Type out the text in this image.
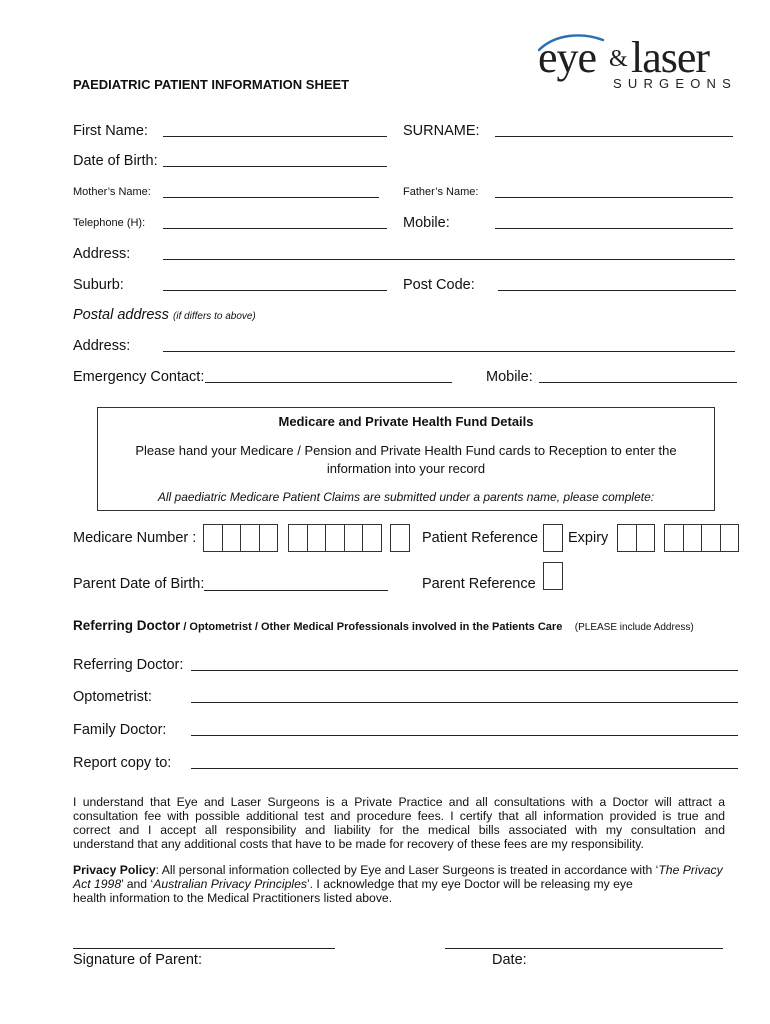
eye & laser
SURGEONS
PAEDIATRIC PATIENT INFORMATION SHEET
First Name:	SURNAME:
Date of Birth:
Mother’s Name:	Father’s Name:
Telephone (H):	Mobile:
Address:
Suburb:	Post Code:
Postal address (if differs to above)
Address:
Emergency Contact:	Mobile:
Medicare and Private Health Fund Details
Please hand your Medicare / Pension and Private Health Fund cards to Reception to enter the
information into your record
All paediatric Medicare Patient Claims are submitted under a parents name, please complete:
Medicare Number :	Patient Reference Expiry
Parent Date of Birth:	Parent Reference
Referring Doctor / Optometrist / Other Medical Professionals involved in the Patients Care (PLEASE include Address)
Referring Doctor:
Optometrist:
Family Doctor:
Report copy to:
I understand that Eye and Laser Surgeons is a Private Practice and all consultations with a Doctor will attract a
consultation fee with possible additional test and procedure fees. I certify that all information provided is true and
correct and I accept all responsibility and liability for the medical bills associated with my consultation and
understand that any additional costs that have to be made for recovery of these fees are my responsibility.
Privacy Policy: All personal information collected by Eye and Laser Surgeons is treated in accordance with ‘The Privacy Act 1998’ and ‘Australian Privacy Principles’. I acknowledge that my eye Doctor will be releasing my eye
health information to the Medical Practitioners listed above.
Signature of Parent:	Date:
